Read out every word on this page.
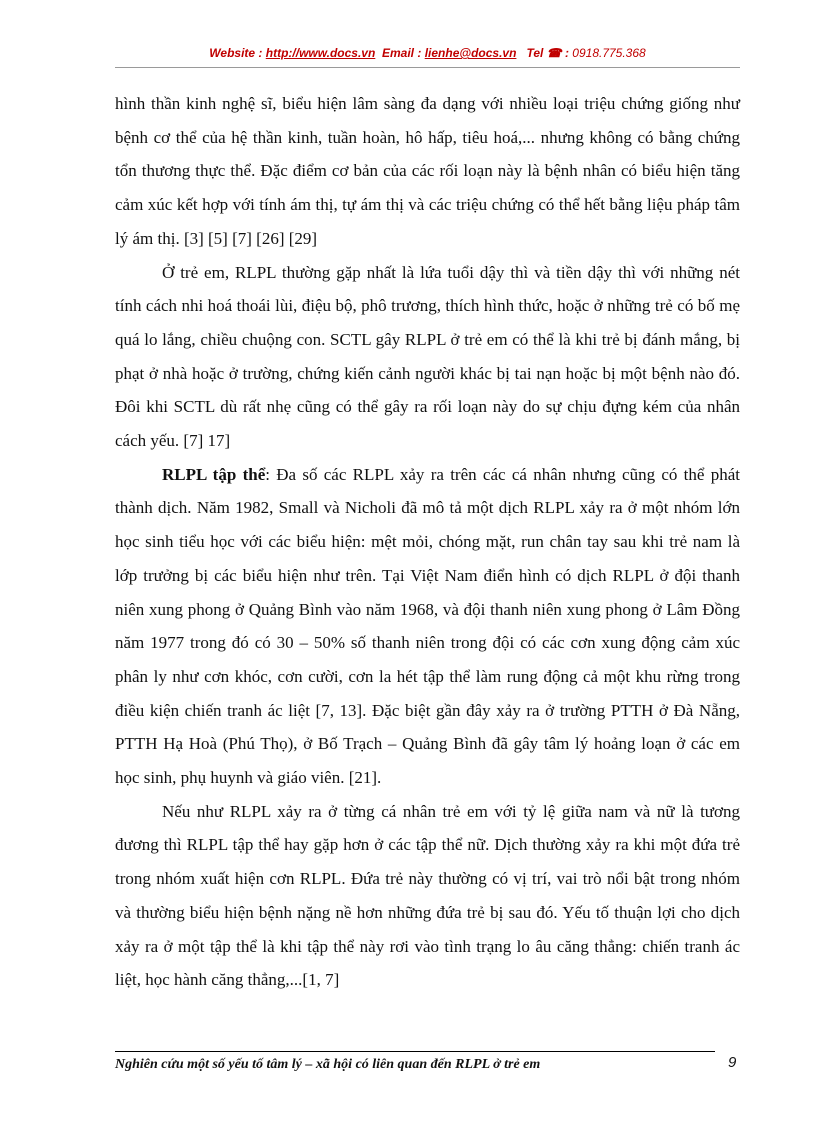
Website : http://www.docs.vn Email : lienhe@docs.vn Tel ☎ : 0918.775.368

hình thần kinh nghệ sĩ, biểu hiện lâm sàng đa dạng với nhiều loại triệu chứng giống như bệnh cơ thể của hệ thần kinh, tuần hoàn, hô hấp, tiêu hoá,... nhưng không có bằng chứng tổn thương thực thể. Đặc điểm cơ bản của các rối loạn này là bệnh nhân có biểu hiện tăng cảm xúc kết hợp với tính ám thị, tự ám thị và các triệu chứng có thể hết bằng liệu pháp tâm lý ám thị. [3] [5] [7] [26] [29]

Ở trẻ em, RLPL thường gặp nhất là lứa tuổi dậy thì và tiền dậy thì với những nét tính cách nhi hoá thoái lùi, điệu bộ, phô trương, thích hình thức, hoặc ở những trẻ có bố mẹ quá lo lắng, chiều chuộng con. SCTL gây RLPL ở trẻ em có thể là khi trẻ bị đánh mắng, bị phạt ở nhà hoặc ở trường, chứng kiến cảnh người khác bị tai nạn hoặc bị một bệnh nào đó. Đôi khi SCTL dù rất nhẹ cũng có thể gây ra rối loạn này do sự chịu đựng kém của nhân cách yếu. [7] 17]

RLPL tập thể: Đa số các RLPL xảy ra trên các cá nhân nhưng cũng có thể phát thành dịch. Năm 1982, Small và Nicholi đã mô tả một dịch RLPL xảy ra ở một nhóm lớn học sinh tiểu học với các biểu hiện: mệt mỏi, chóng mặt, run chân tay sau khi trẻ nam là lớp trưởng bị các biểu hiện như trên. Tại Việt Nam điển hình có dịch RLPL ở đội thanh niên xung phong ở Quảng Bình vào năm 1968, và đội thanh niên xung phong ở Lâm Đồng năm 1977 trong đó có 30 – 50% số thanh niên trong đội có các cơn xung động cảm xúc phân ly như cơn khóc, cơn cười, cơn la hét tập thể làm rung động cả một khu rừng trong điều kiện chiến tranh ác liệt [7, 13]. Đặc biệt gần đây xảy ra ở trường PTTH ở Đà Nẵng, PTTH Hạ Hoà (Phú Thọ), ở Bố Trạch – Quảng Bình đã gây tâm lý hoảng loạn ở các em học sinh, phụ huynh và giáo viên. [21].

Nếu như RLPL xảy ra ở từng cá nhân trẻ em với tỷ lệ giữa nam và nữ là tương đương thì RLPL tập thể hay gặp hơn ở các tập thể nữ. Dịch thường xảy ra khi một đứa trẻ trong nhóm xuất hiện cơn RLPL. Đứa trẻ này thường có vị trí, vai trò nổi bật trong nhóm và thường biểu hiện bệnh nặng nề hơn những đứa trẻ bị sau đó. Yếu tố thuận lợi cho dịch xảy ra ở một tập thể là khi tập thể này rơi vào tình trạng lo âu căng thẳng: chiến tranh ác liệt, học hành căng thẳng,...[1, 7]

Nghiên cứu một số yếu tố tâm lý – xã hội có liên quan đến RLPL ở trẻ em	9
